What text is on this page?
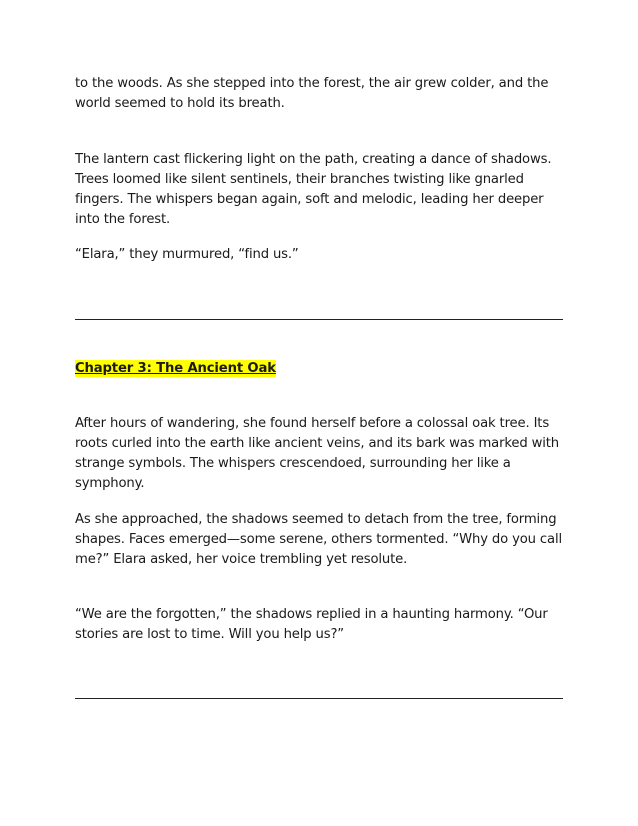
to the woods. As she stepped into the forest, the air grew colder, and the world seemed to hold its breath.

The lantern cast flickering light on the path, creating a dance of shadows. Trees loomed like silent sentinels, their branches twisting like gnarled fingers. The whispers began again, soft and melodic, leading her deeper into the forest.

“Elara,” they murmured, “find us.”

Chapter 3: The Ancient Oak

After hours of wandering, she found herself before a colossal oak tree. Its roots curled into the earth like ancient veins, and its bark was marked with strange symbols. The whispers crescendoed, surrounding her like a symphony.

As she approached, the shadows seemed to detach from the tree, forming shapes. Faces emerged—some serene, others tormented. “Why do you call me?” Elara asked, her voice trembling yet resolute.

“We are the forgotten,” the shadows replied in a haunting harmony. “Our stories are lost to time. Will you help us?”
